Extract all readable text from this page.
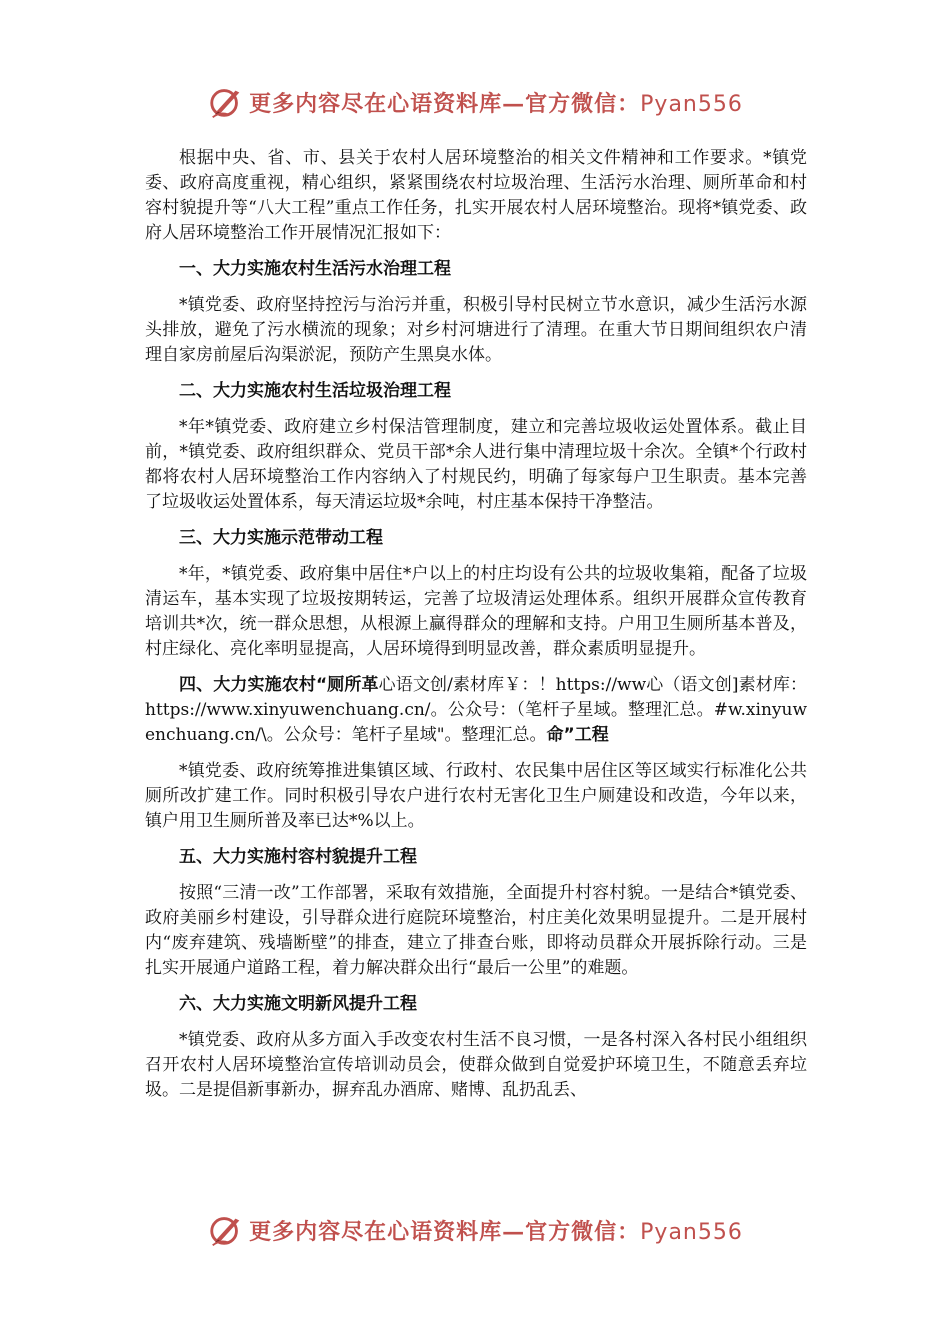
更多内容尽在心语资料库—官方微信：Pyan556

根据中央、省、市、县关于农村人居环境整治的相关文件精神和工作要求。*镇党委、政府高度重视，精心组织，紧紧围绕农村垃圾治理、生活污水治理、厕所革命和村容村貌提升等“八大工程”重点工作任务，扎实开展农村人居环境整治。现将*镇党委、政府人居环境整治工作开展情况汇报如下：

一、大力实施农村生活污水治理工程

*镇党委、政府坚持控污与治污并重，积极引导村民树立节水意识，减少生活污水源头排放，避免了污水横流的现象；对乡村河塘进行了清理。在重大节日期间组织农户清理自家房前屋后沟渠淤泥，预防产生黑臭水体。

二、大力实施农村生活垃圾治理工程

*年*镇党委、政府建立乡村保洁管理制度，建立和完善垃圾收运处置体系。截止目前，*镇党委、政府组织群众、党员干部*余人进行集中清理垃圾十余次。全镇*个行政村都将农村人居环境整治工作内容纳入了村规民约，明确了每家每户卫生职责。基本完善了垃圾收运处置体系，每天清运垃圾*余吨，村庄基本保持干净整洁。

三、大力实施示范带动工程

*年，*镇党委、政府集中居住*户以上的村庄均设有公共的垃圾收集箱，配备了垃圾清运车，基本实现了垃圾按期转运，完善了垃圾清运处理体系。组织开展群众宣传教育培训共*次，统一群众思想，从根源上赢得群众的理解和支持。户用卫生厕所基本普及，村庄绿化、亮化率明显提高，人居环境得到明显改善，群众素质明显提升。

四、大力实施农村“厕所革心语文创/素材库￥：！https://ww心（语文创]素材库：https://www.xinyuwenchuang.cn/。公众号：（笔杆子星域。整理汇总。#w.xinyuwenchuang.cn/\。公众号：笔杆子星域"。整理汇总。命”工程

*镇党委、政府统筹推进集镇区域、行政村、农民集中居住区等区域实行标准化公共厕所改扩建工作。同时积极引导农户进行农村无害化卫生户厕建设和改造，今年以来，镇户用卫生厕所普及率已达*%以上。

五、大力实施村容村貌提升工程

按照“三清一改”工作部署，采取有效措施，全面提升村容村貌。一是结合*镇党委、政府美丽乡村建设，引导群众进行庭院环境整治，村庄美化效果明显提升。二是开展村内“废弃建筑、残墙断壁”的排查，建立了排查台账，即将动员群众开展拆除行动。三是扎实开展通户道路工程，着力解决群众出行“最后一公里”的难题。

六、大力实施文明新风提升工程

*镇党委、政府从多方面入手改变农村生活不良习惯，一是各村深入各村民小组组织召开农村人居环境整治宣传培训动员会，使群众做到自觉爱护环境卫生，不随意丢弃垃圾。二是提倡新事新办，摒弃乱办酒席、赌博、乱扔乱丢、

更多内容尽在心语资料库—官方微信：Pyan556
